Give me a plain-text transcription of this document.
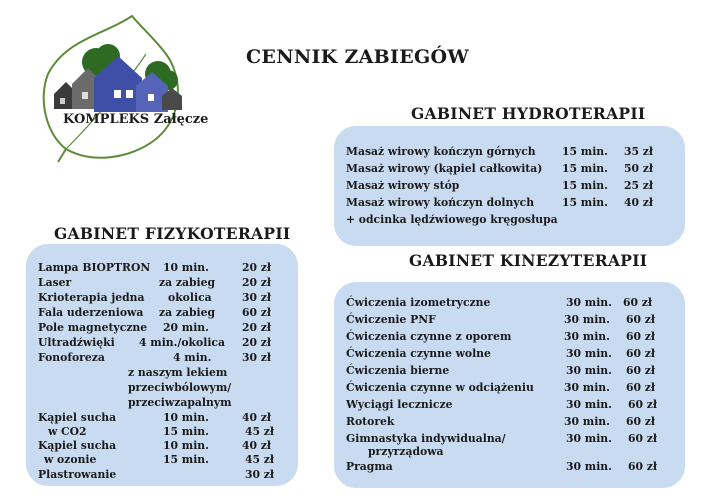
KOMPLEKS Załęcze
CENNIK ZABIEGÓW
GABINET HYDROTERAPII
Masaż wirowy kończyn górnych 15 min. 35 zł
Masaż wirowy (kąpiel całkowita) 15 min. 50 zł
Masaż wirowy stóp	15 min. 25 zł
Masaż wirowy kończyn dolnych	15 min. 40 zł
+ odcinka lędźwiowego kręgosłupa
GABINET FIZYKOTERAPII
Lampa BIOPTRON 10 min.	20 zł
Laser	za zabieg 20 zł
Krioterapia jedna okolica	30 zł
Fala uderzeniowa za zabieg 60 zł
Pole magnetyczne 20 min.	20 zł
Ultradźwięki 4 min./okolica 20 zł
Fonoforeza	4 min.	30 zł
z naszym lekiem
przeciwbólowym/
przeciwzapalnym
Kąpiel sucha	10 min.	40 zł
w CO2	15 min.	45 zł
Kąpiel sucha	10 min.	40 zł
w ozonie	15 min.	45 zł
Plastrowanie	30 zł
GABINET KINEZYTERAPII
Ćwiczenia izometryczne	30 min. 60 zł
Ćwiczenie PNF	30 min. 60 zł
Ćwiczenia czynne z oporem	30 min. 60 zł
Ćwiczenia czynne wolne	30 min. 60 zł
Ćwiczenia bierne	30 min. 60 zł
Ćwiczenia czynne w odciążeniu	30 min. 60 zł
Wyciągi lecznicze	30 min. 60 zł
Rotorek	30 min. 60 zł
Gimnastyka indywidualna/	30 min. 60 zł
przyrządowa
Pragma	30 min. 60 zł
